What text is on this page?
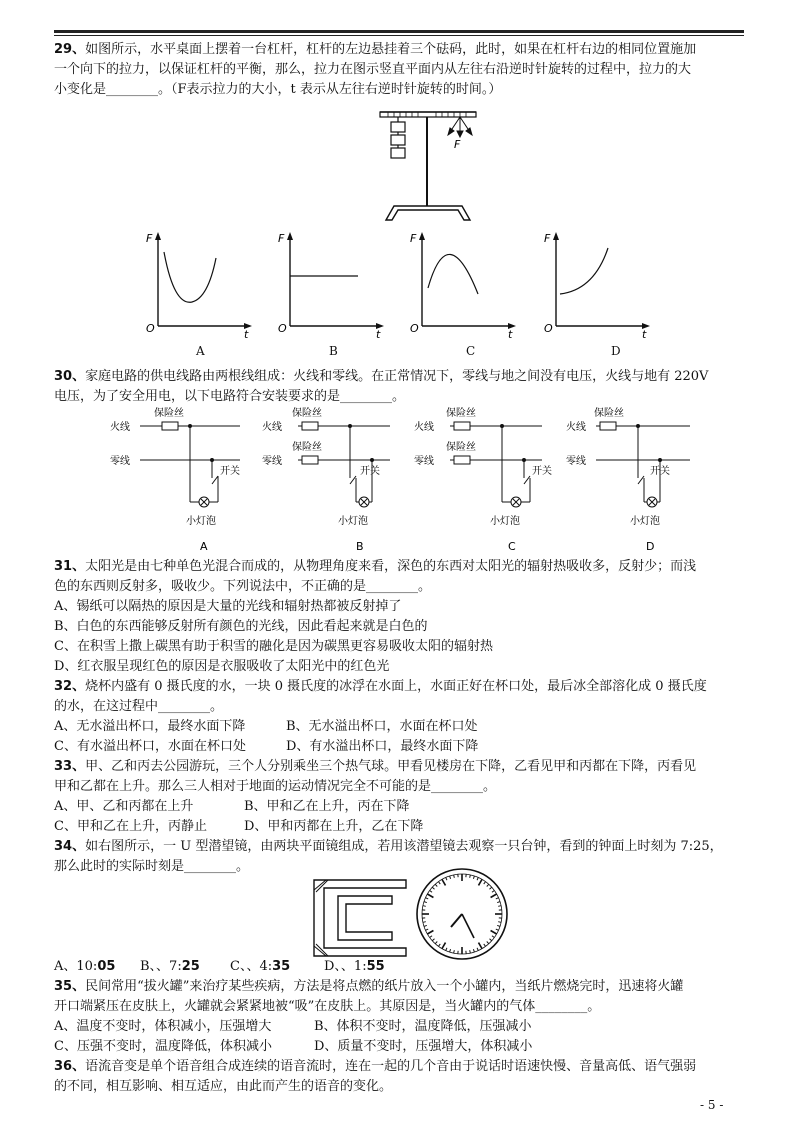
29、如图所示，水平桌面上摆着一台杠杆，杠杆的左边悬挂着三个砝码，此时，如果在杠杆右边的相同位置施加
一个向下的拉力，以保证杠杆的平衡，那么，拉力在图示竖直平面内从左往右沿逆时针旋转的过程中，拉力的大
小变化是________。（F表示拉力的大小，t 表示从左往右逆时针旋转的时间。）
F
F
O	t
A
F
O	t
B
F
O	t
C
F
O	t
D
30、家庭电路的供电线路由两根线组成：火线和零线。在正常情况下，零线与地之间没有电压，火线与地有 220V
电压，为了安全用电，以下电路符合安装要求的是________。
保险丝
火线
零线
开关
小灯泡
A
保险丝
保险丝
火线
零线
开关
小灯泡
B
保险丝
保险丝
火线
零线
开关
小灯泡
C
保险丝
火线
零线
开关
小灯泡
D
31、太阳光是由七种单色光混合而成的，从物理角度来看，深色的东西对太阳光的辐射热吸收多，反射少；而浅
色的东西则反射多，吸收少。下列说法中，不正确的是________。
A、锡纸可以隔热的原因是大量的光线和辐射热都被反射掉了
B、白色的东西能够反射所有颜色的光线，因此看起来就是白色的
C、在积雪上撒上碳黑有助于积雪的融化是因为碳黑更容易吸收太阳的辐射热
D、红衣服呈现红色的原因是衣服吸收了太阳光中的红色光
32、烧杯内盛有 0 摄氏度的水，一块 0 摄氏度的冰浮在水面上，水面正好在杯口处，最后冰全部溶化成 0 摄氏度
的水，在这过程中________。
A、无水溢出杯口，最终水面下降	B、无水溢出杯口，水面在杯口处
C、有水溢出杯口，水面在杯口处	D、有水溢出杯口，最终水面下降
33、甲、乙和丙去公园游玩，三个人分别乘坐三个热气球。甲看见楼房在下降，乙看见甲和丙都在下降，丙看见
甲和乙都在上升。那么三人相对于地面的运动情况完全不可能的是________。
A、甲、乙和丙都在上升	B、甲和乙在上升，丙在下降
C、甲和乙在上升，丙静止	D、甲和丙都在上升，乙在下降
34、如右图所示，一 U 型潜望镜，由两块平面镜组成，若用该潜望镜去观察一只台钟，看到的钟面上时刻为 7:25，
那么此时的实际时刻是________。
A、10:05 B、、7:25 C、、4:35	D、、1:55
35、民间常用“拔火罐”来治疗某些疾病，方法是将点燃的纸片放入一个小罐内，当纸片燃烧完时，迅速将火罐
开口端紧压在皮肤上，火罐就会紧紧地被“吸”在皮肤上。其原因是，当火罐内的气体________。
A、温度不变时，体积减小，压强增大	B、体积不变时，温度降低，压强减小
C、压强不变时，温度降低，体积减小	D、质量不变时，压强增大，体积减小
36、语流音变是单个语音组合成连续的语音流时，连在一起的几个音由于说话时语速快慢、音量高低、语气强弱
的不同，相互影响、相互适应，由此而产生的语音的变化。
- 5 -
